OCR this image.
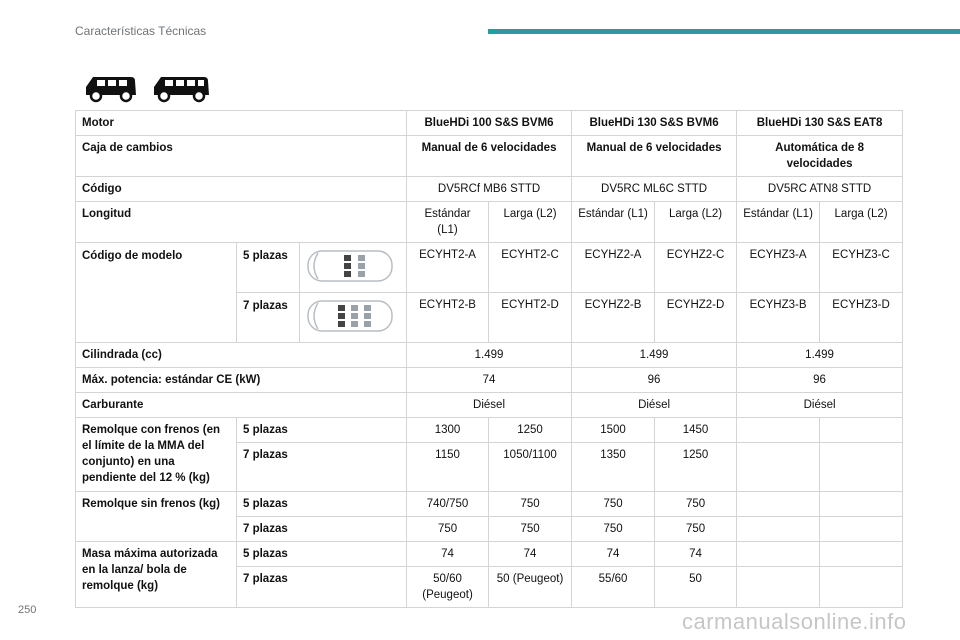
Características Técnicas
Motor			BlueHDi 100 S&S BVM6		BlueHDi 130 S&S BVM6		BlueHDi 130 S&S EAT8	
Caja de cambios			Manual de 6 velocidades		Manual de 6 velocidades		Automática de 8 velocidades	
Código			DV5RCf MB6 STTD		DV5RC ML6C STTD		DV5RC ATN8 STTD	
Longitud			Estándar (L1)	Larga (L2)	Estándar (L1)	Larga (L2)	Estándar (L1)	Larga (L2)
Código de modelo	5 plazas		ECYHT2-A	ECYHT2-C	ECYHZ2-A	ECYHZ2-C	ECYHZ3-A	ECYHZ3-C
	7 plazas		ECYHT2-B	ECYHT2-D	ECYHZ2-B	ECYHZ2-D	ECYHZ3-B	ECYHZ3-D
Cilindrada (cc)			1.499		1.499		1.499	
Máx. potencia: estándar CE (kW)			74		96		96	
Carburante			Diésel		Diésel		Diésel	
Remolque con frenos (en el límite de la MMA del conjunto) en una pendiente del 12 % (kg)	5 plazas		1300	1250	1500	1450		
	7 plazas		1150	1050/1100	1350	1250		
Remolque sin frenos (kg)	5 plazas		740/750	750	750	750		
	7 plazas		750	750	750	750		
Masa máxima autorizada en la lanza/ bola de remolque (kg)	5 plazas		74	74	74	74		
	7 plazas		50/60 (Peugeot)	50 (Peugeot)	55/60	50		
250	carmanualsonline.info
